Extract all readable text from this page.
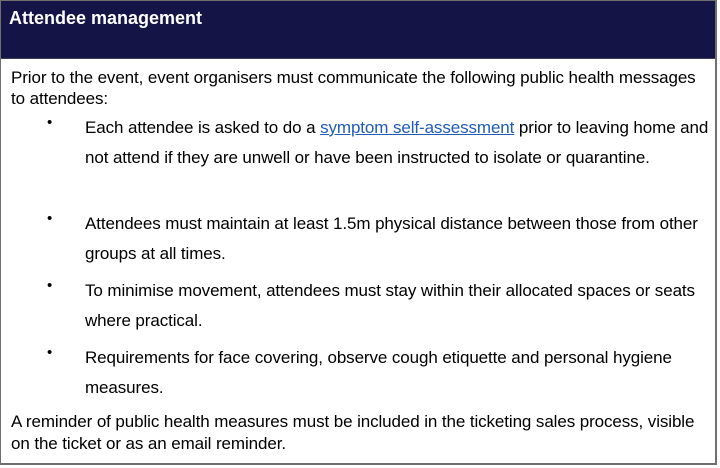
Attendee management
Prior to the event, event organisers must communicate the following public health messages to attendees:
• Each attendee is asked to do a symptom self-assessment prior to leaving home and not attend if they are unwell or have been instructed to isolate or quarantine.
• Attendees must maintain at least 1.5m physical distance between those from other groups at all times.
• To minimise movement, attendees must stay within their allocated spaces or seats where practical.
• Requirements for face covering, observe cough etiquette and personal hygiene measures.
A reminder of public health measures must be included in the ticketing sales process, visible on the ticket or as an email reminder.
